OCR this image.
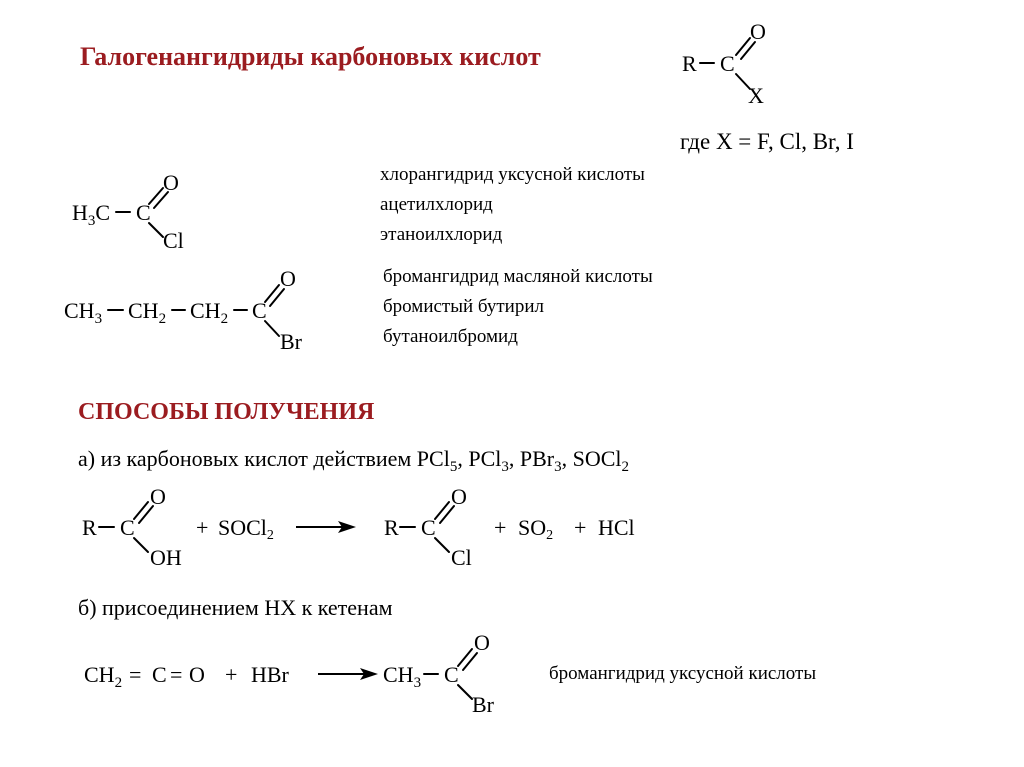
Галогенангидриды карбоновых кислот	R C
O
X
где X = F, Cl, Br, I
$H_3C$ C
O
Cl
хлорангидрид уксусной кислоты
ацетилхлорид
этаноилхлорид
$CH_3$ $CH_2$ $CH_2$ C
O
Br
бромангидрид масляной кислоты
бромистый бутирил
бутаноилбромид
СПОСОБЫ ПОЛУЧЕНИЯ
а) из карбоновых кислот действием PCl$_5$, PCl$_3$, PBr$_3$, SOCl$_2$
R C
O
OH
+ SOCl2	R C
O
Cl
+ SO2 + HCl
б) присоединением HX к кетенам
$CH_2 = C = O$ + HBr	$CH_3$ C
O
Br
бромангидрид уксусной кислоты
